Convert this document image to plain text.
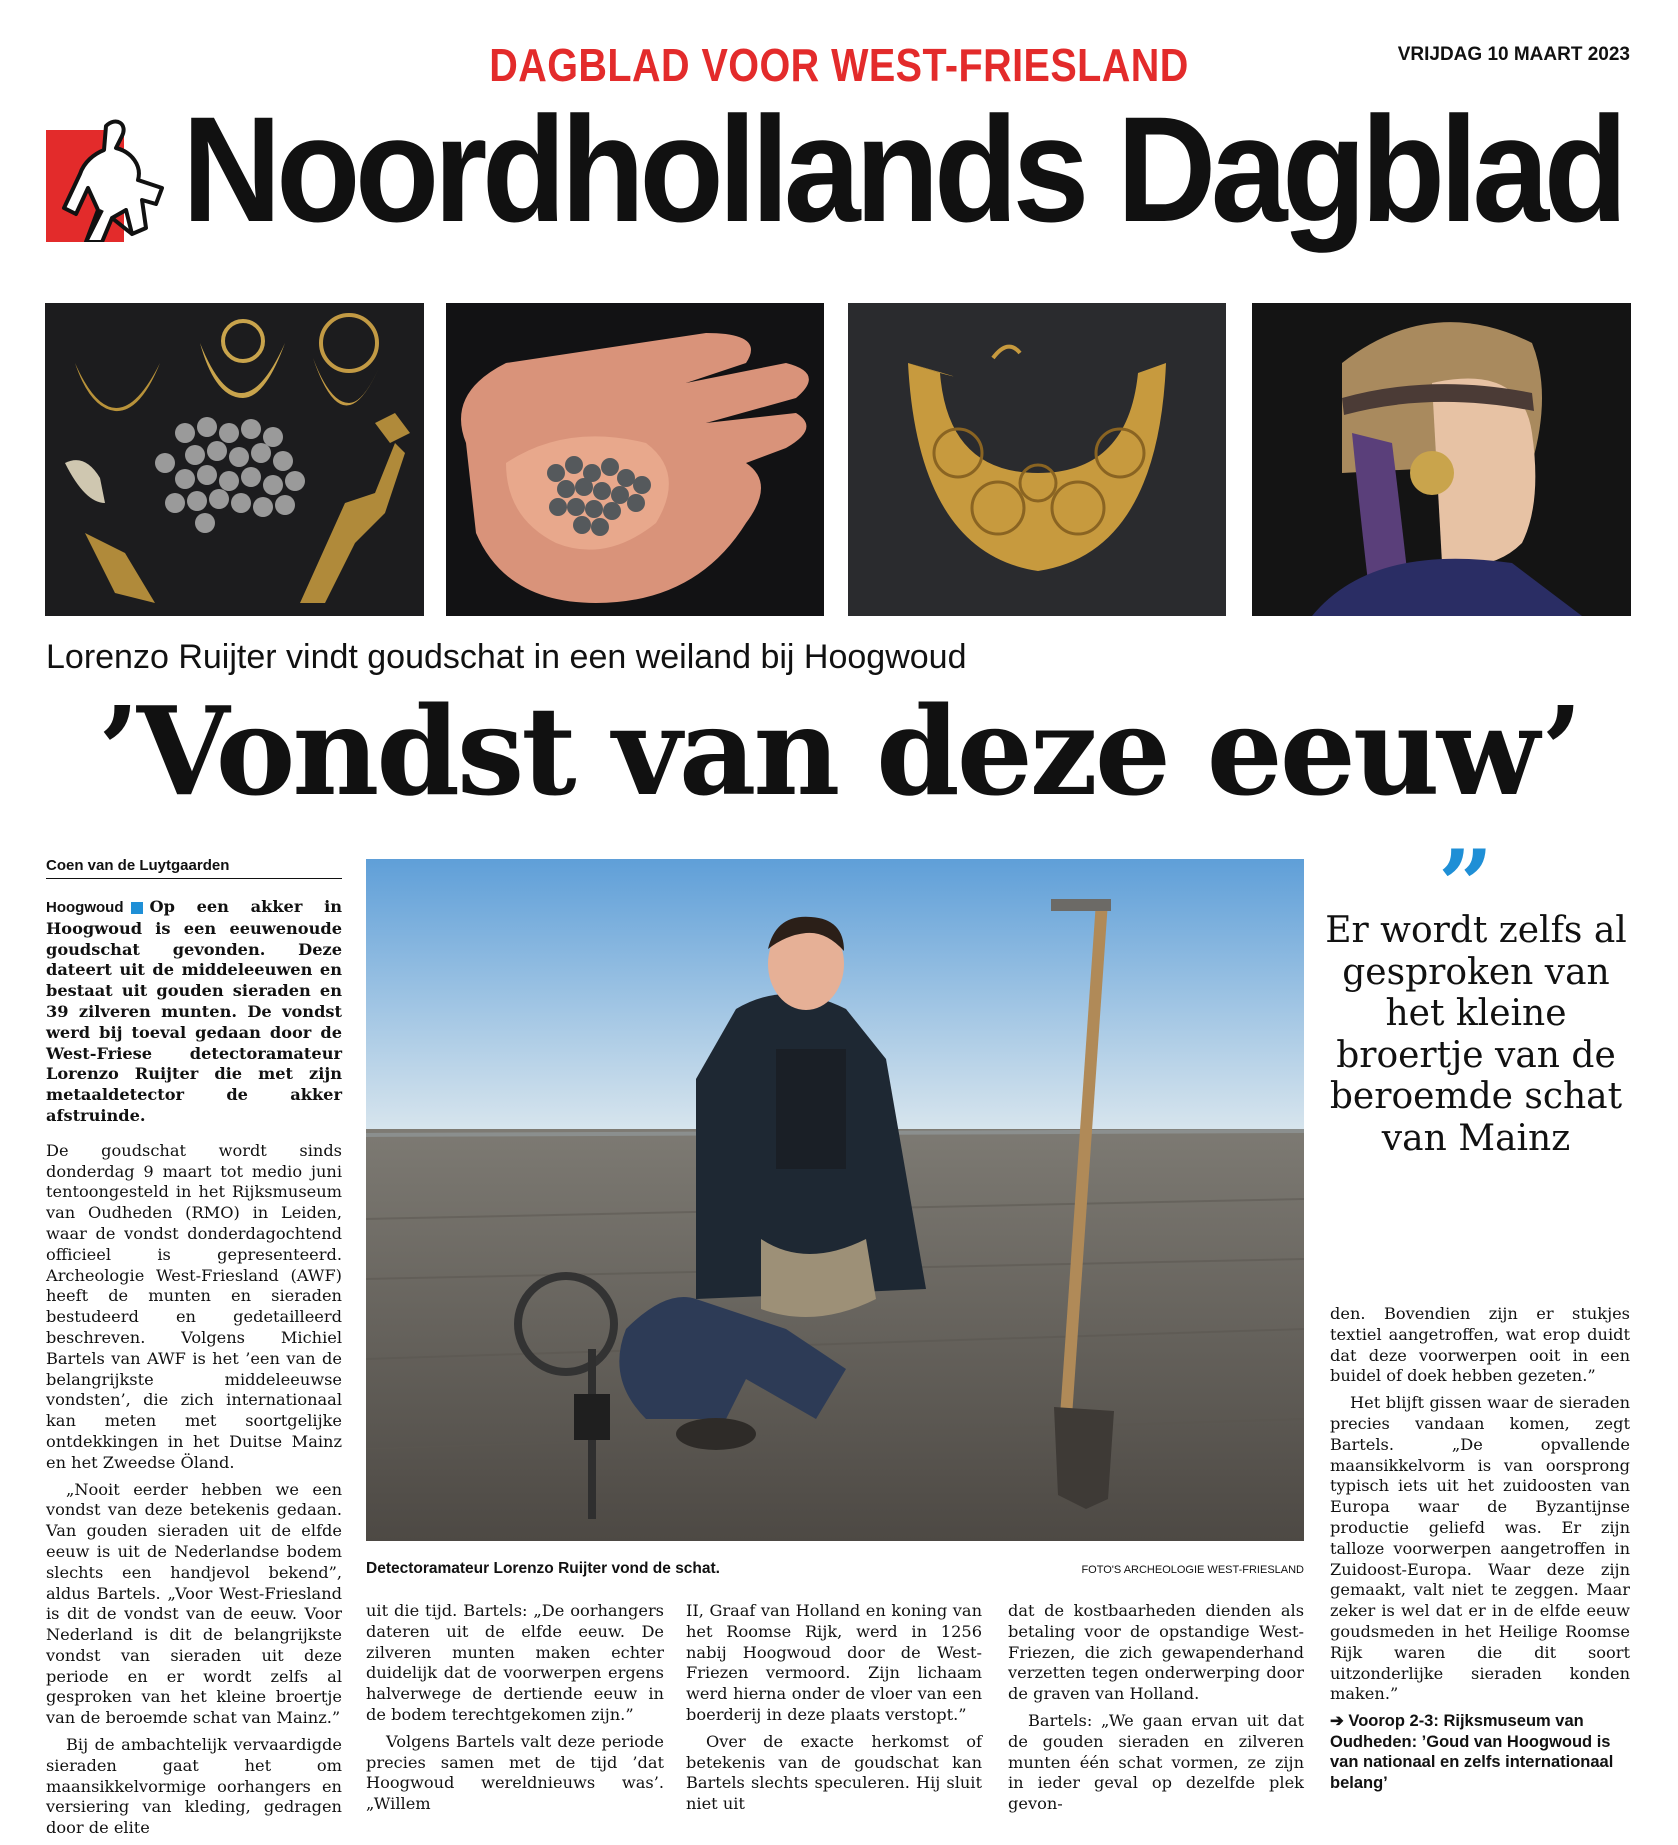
DAGBLAD VOOR WEST-FRIESLAND	VRIJDAG 10 MAART 2023
Noordhollands Dagblad
Lorenzo Ruijter vindt goudschat in een weiland bij Hoogwoud
’Vondst van deze eeuw’
Coen van de Luytgaarden

Hoogwoud Op een akker in Hoogwoud is een eeuwenoude goudschat gevonden. Deze dateert uit de middeleeuwen en bestaat uit gouden sieraden en 39 zilveren munten. De vondst werd bij toeval gedaan door de West-Friese detectoramateur Lorenzo Ruijter die met zijn metaaldetector de akker afstruinde.

De goudschat wordt sinds donderdag 9 maart tot medio juni tentoongesteld in het Rijksmuseum van Oudheden (RMO) in Leiden, waar de vondst donderdagochtend officieel is gepresenteerd. Archeologie West-Friesland (AWF) heeft de munten en sieraden bestudeerd en gedetailleerd beschreven. Volgens Michiel Bartels van AWF is het ’een van de belangrijkste middeleeuwse vondsten’, die zich internationaal kan meten met soortgelijke ontdekkingen in het Duitse Mainz en het Zweedse Öland.

„Nooit eerder hebben we een vondst van deze betekenis gedaan. Van gouden sieraden uit de elfde eeuw is uit de Nederlandse bodem slechts een handjevol bekend”, aldus Bartels. „Voor West-Friesland is dit de vondst van de eeuw. Voor Nederland is dit de belangrijkste vondst van sieraden uit deze periode en er wordt zelfs al gesproken van het kleine broertje van de beroemde schat van Mainz.”

Bij de ambachtelijk vervaardigde sieraden gaat het om maansikkelvormige oorhangers en versiering van kleding, gedragen door de elite

Detectoramateur Lorenzo Ruijter vond de schat.	FOTO'S ARCHEOLOGIE WEST-FRIESLAND

uit die tijd. Bartels: „De oorhangers dateren uit de elfde eeuw. De zilveren munten maken echter duidelijk dat de voorwerpen ergens halverwege de dertiende eeuw in de bodem terechtgekomen zijn.”

Volgens Bartels valt deze periode precies samen met de tijd ’dat Hoogwoud wereldnieuws was’. „Willem

II, Graaf van Holland en koning van het Roomse Rijk, werd in 1256 nabij Hoogwoud door de West-Friezen vermoord. Zijn lichaam werd hierna onder de vloer van een boerderij in deze plaats verstopt.”

Over de exacte herkomst of betekenis van de goudschat kan Bartels slechts speculeren. Hij sluit niet uit

dat de kostbaarheden dienden als betaling voor de opstandige West-Friezen, die zich gewapenderhand verzetten tegen onderwerping door de graven van Holland.

Bartels: „We gaan ervan uit dat de gouden sieraden en zilveren munten één schat vormen, ze zijn in ieder geval op dezelfde plek gevon-

”
Er wordt zelfs al gesproken van het kleine broertje van de beroemde schat van Mainz

den. Bovendien zijn er stukjes textiel aangetroffen, wat erop duidt dat deze voorwerpen ooit in een buidel of doek hebben gezeten.”

Het blijft gissen waar de sieraden precies vandaan komen, zegt Bartels. „De opvallende maansikkelvorm is van oorsprong typisch iets uit het zuidoosten van Europa waar de Byzantijnse productie geliefd was. Er zijn talloze voorwerpen aangetroffen in Zuidoost-Europa. Waar deze zijn gemaakt, valt niet te zeggen. Maar zeker is wel dat er in de elfde eeuw goudsmeden in het Heilige Roomse Rijk waren die dit soort uitzonderlijke sieraden konden maken.”

➔ Voorop 2-3: Rijksmuseum van Oudheden: ’Goud van Hoogwoud is van nationaal en zelfs internationaal belang’
